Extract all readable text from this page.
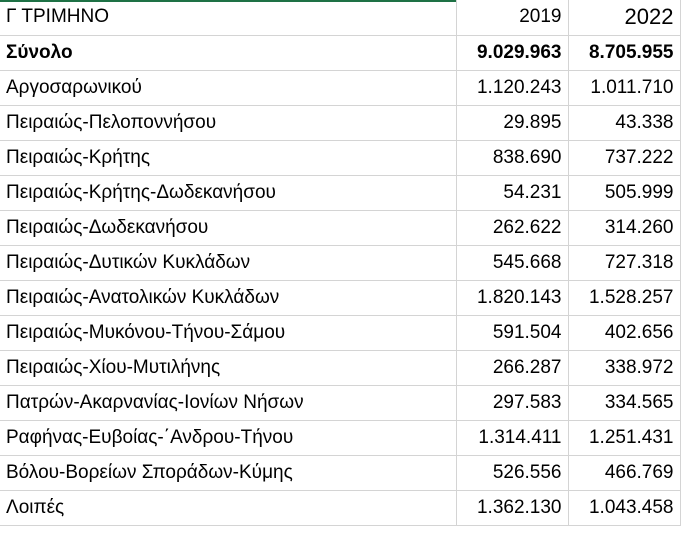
Γ ΤΡΙΜΗΝΟ	2019	2022
Σύνολο	9.029.963	8.705.955
Αργοσαρωνικού	1.120.243	1.011.710
Πειραιώς-Πελοποννήσου	29.895	43.338
Πειραιώς-Κρήτης	838.690	737.222
Πειραιώς-Κρήτης-Δωδεκανήσου	54.231	505.999
Πειραιώς-Δωδεκανήσου	262.622	314.260
Πειραιώς-Δυτικών Κυκλάδων	545.668	727.318
Πειραιώς-Ανατολικών Κυκλάδων	1.820.143	1.528.257
Πειραιώς-Μυκόνου-Τήνου-Σάμου	591.504	402.656
Πειραιώς-Χίου-Μυτιλήνης	266.287	338.972
Πατρών-Ακαρνανίας-Ιονίων Νήσων	297.583	334.565
Ραφήνας-Ευβοίας-΄Ανδρου-Τήνου	1.314.411	1.251.431
Βόλου-Βορείων Σποράδων-Κύμης	526.556	466.769
Λοιπές	1.362.130	1.043.458
